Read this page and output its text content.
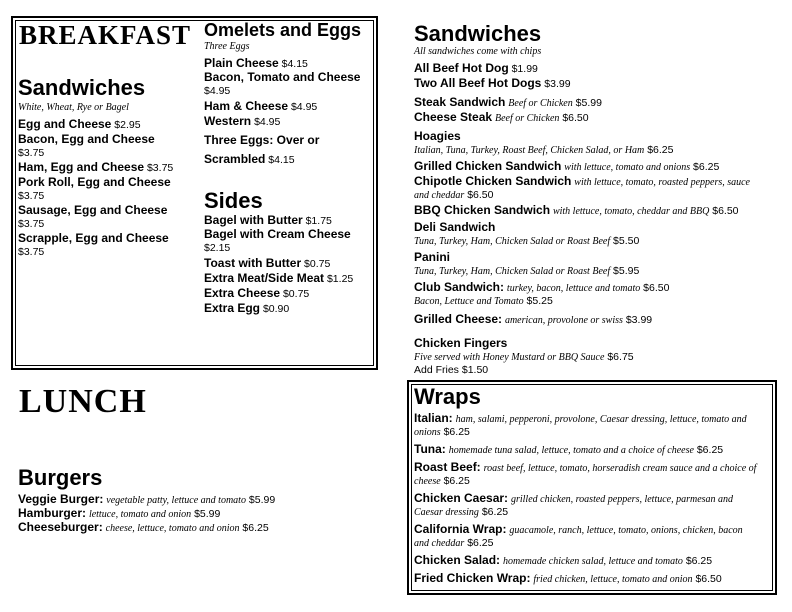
BREAKFAST
Sandwiches
White, Wheat, Rye or Bagel
Egg and Cheese $2.95
Bacon, Egg and Cheese
$3.75
Ham, Egg and Cheese $3.75
Pork Roll, Egg and Cheese
$3.75
Sausage, Egg and Cheese
$3.75
Scrapple, Egg and Cheese
$3.75
Omelets and Eggs
Three Eggs
Plain Cheese $4.15
Bacon, Tomato and Cheese
$4.95
Ham & Cheese $4.95
Western $4.95
Three Eggs: Over or
Scrambled $4.15
Sides
Bagel with Butter $1.75
Bagel with Cream Cheese
$2.15
Toast with Butter $0.75
Extra Meat/Side Meat $1.25
Extra Cheese $0.75
Extra Egg $0.90
LUNCH
Burgers
Veggie Burger: vegetable patty, lettuce and tomato $5.99
Hamburger: lettuce, tomato and onion $5.99
Cheeseburger: cheese, lettuce, tomato and onion $6.25
Sandwiches
All sandwiches come with chips
All Beef Hot Dog $1.99
Two All Beef Hot Dogs $3.99
Steak Sandwich Beef or Chicken $5.99
Cheese Steak Beef or Chicken $6.50
Hoagies
Italian, Tuna, Turkey, Roast Beef, Chicken Salad, or Ham $6.25
Grilled Chicken Sandwich with lettuce, tomato and onions $6.25
Chipotle Chicken Sandwich with lettuce, tomato, roasted peppers, sauce
and cheddar $6.50
BBQ Chicken Sandwich with lettuce, tomato, cheddar and BBQ $6.50
Deli Sandwich
Tuna, Turkey, Ham, Chicken Salad or Roast Beef $5.50
Panini
Tuna, Turkey, Ham, Chicken Salad or Roast Beef $5.95
Club Sandwich: turkey, bacon, lettuce and tomato $6.50
Bacon, Lettuce and Tomato $5.25
Grilled Cheese: american, provolone or swiss $3.99
Chicken Fingers
Five served with Honey Mustard or BBQ Sauce $6.75
Add Fries $1.50
Wraps
Italian: ham, salami, pepperoni, provolone, Caesar dressing, lettuce, tomato and
onions $6.25
Tuna: homemade tuna salad, lettuce, tomato and a choice of cheese $6.25
Roast Beef: roast beef, lettuce, tomato, horseradish cream sauce and a choice of
cheese $6.25
Chicken Caesar: grilled chicken, roasted peppers, lettuce, parmesan and
Caesar dressing $6.25
California Wrap: guacamole, ranch, lettuce, tomato, onions, chicken, bacon
and cheddar $6.25
Chicken Salad: homemade chicken salad, lettuce and tomato $6.25
Fried Chicken Wrap: fried chicken, lettuce, tomato and onion $6.50
